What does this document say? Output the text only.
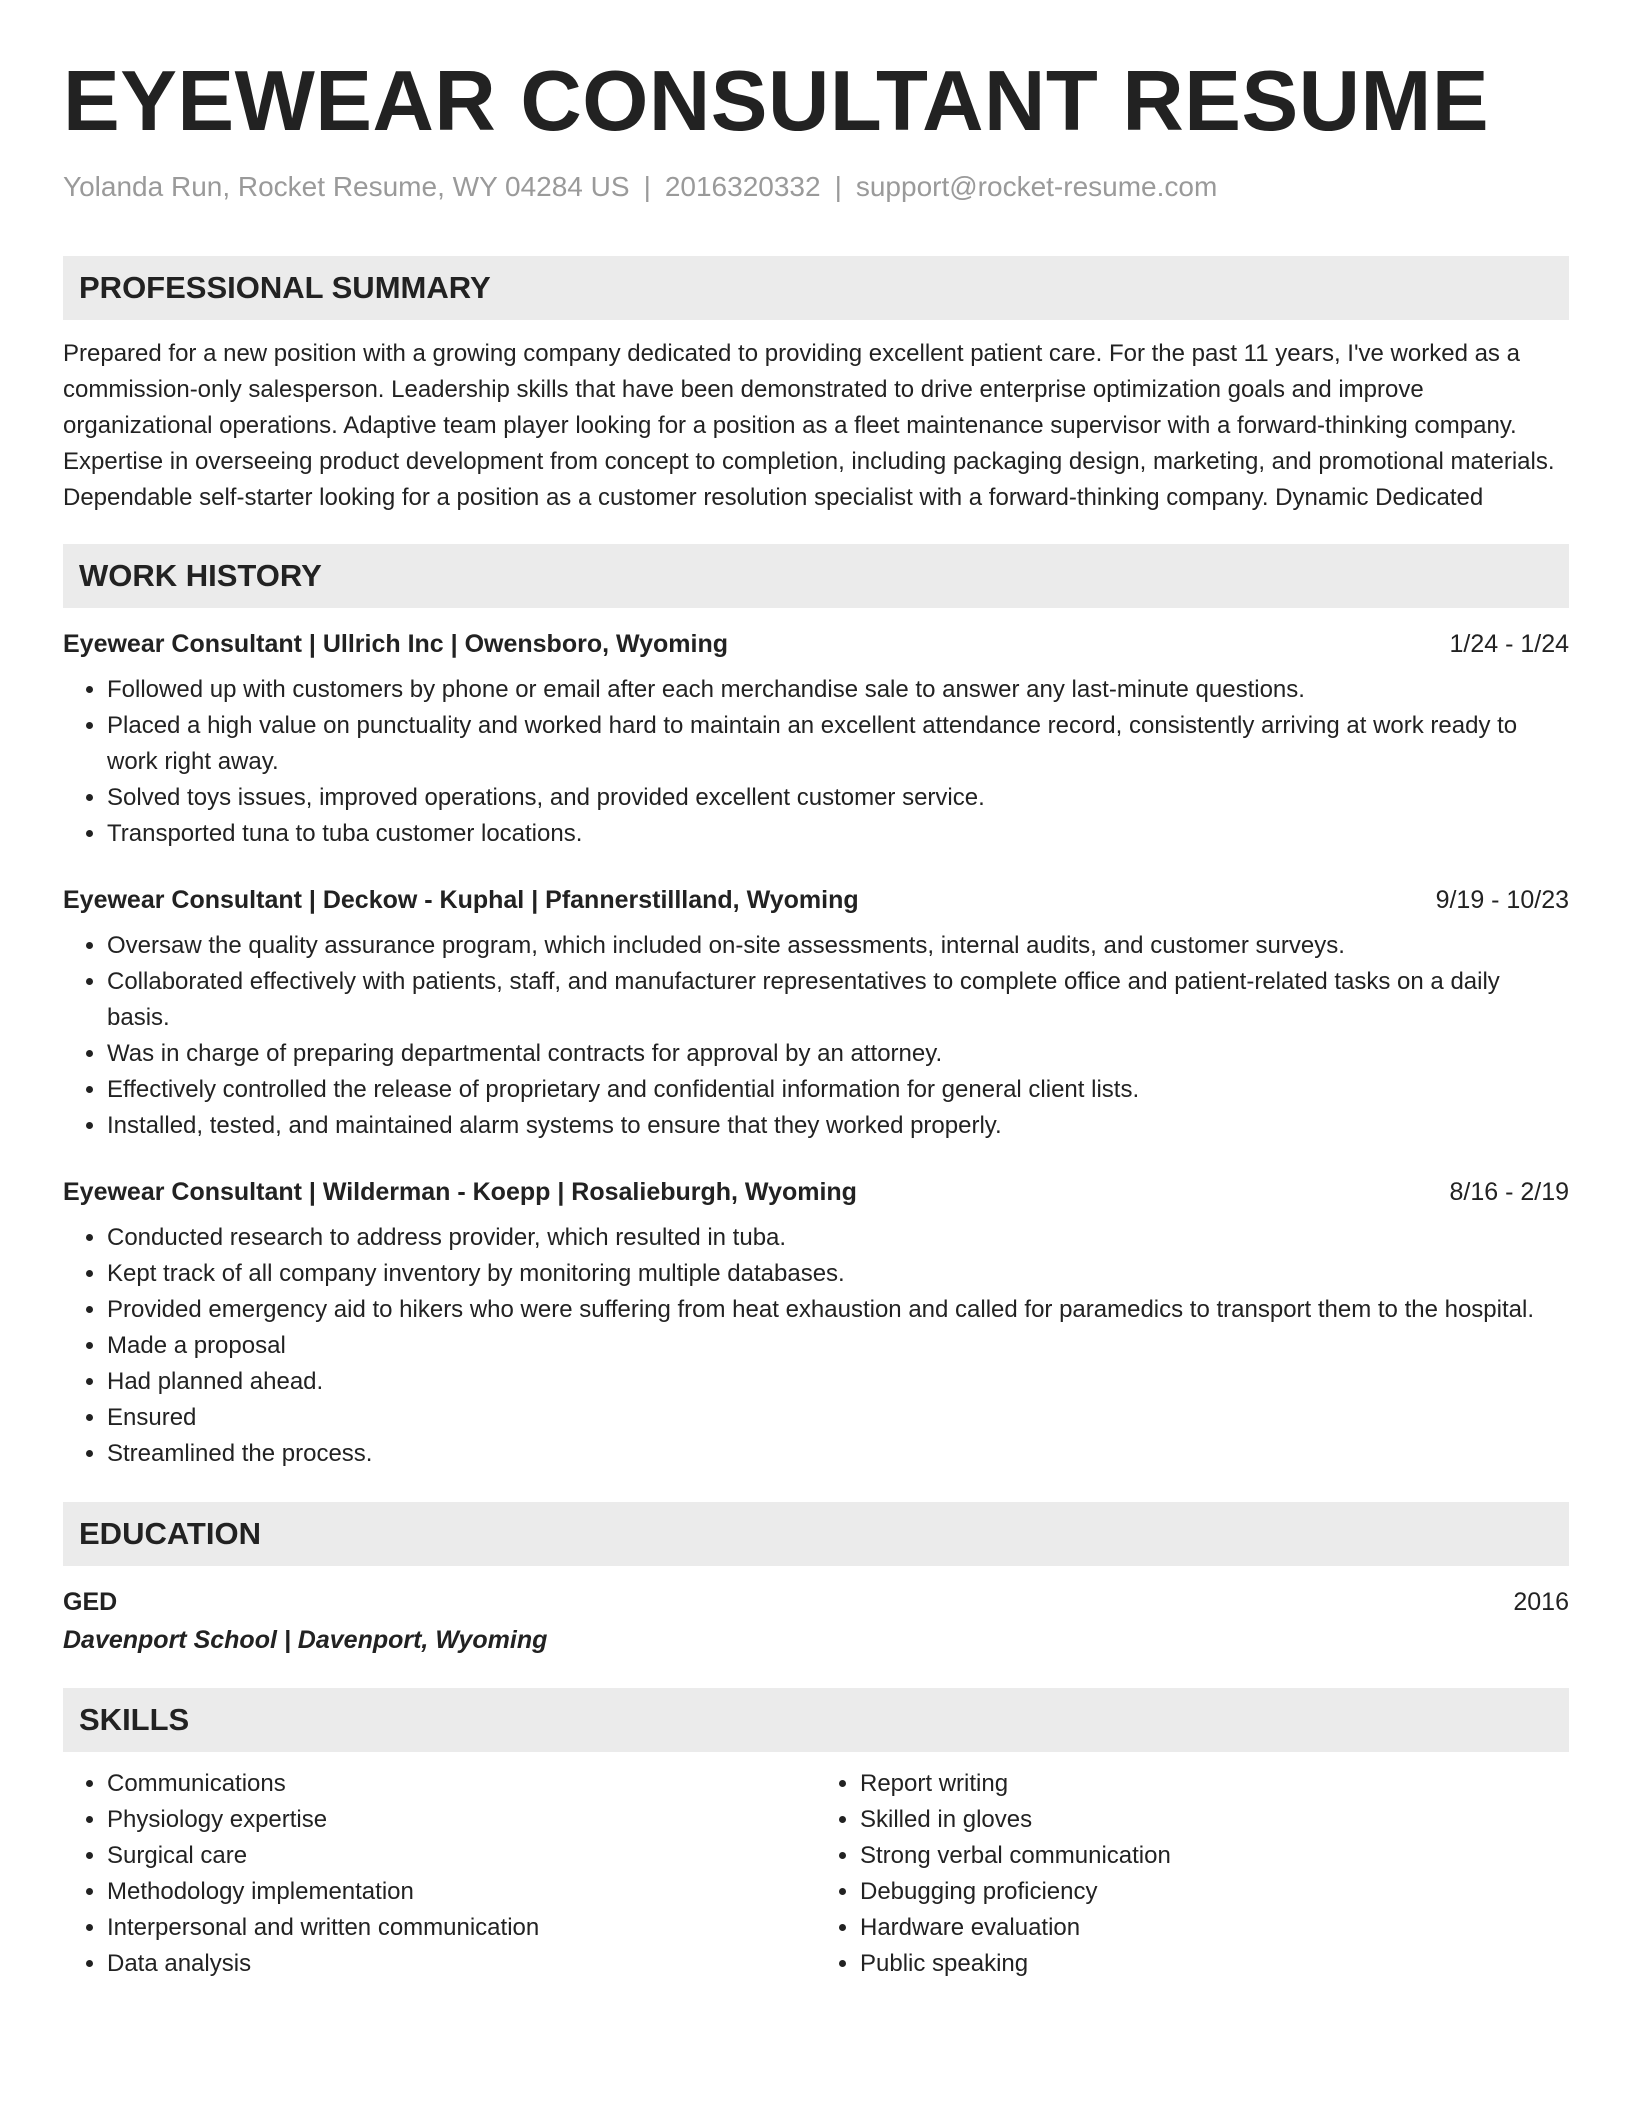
EYEWEAR CONSULTANT RESUME
Yolanda Run, Rocket Resume, WY 04284 US | 2016320332 | support@rocket-resume.com
PROFESSIONAL SUMMARY
Prepared for a new position with a growing company dedicated to providing excellent patient care. For the past 11 years, I've worked as a commission-only salesperson. Leadership skills that have been demonstrated to drive enterprise optimization goals and improve organizational operations. Adaptive team player looking for a position as a fleet maintenance supervisor with a forward-thinking company. Expertise in overseeing product development from concept to completion, including packaging design, marketing, and promotional materials. Dependable self-starter looking for a position as a customer resolution specialist with a forward-thinking company. Dynamic Dedicated
WORK HISTORY
Eyewear Consultant | Ullrich Inc | Owensboro, Wyoming	1/24 - 1/24
• Followed up with customers by phone or email after each merchandise sale to answer any last-minute questions.
• Placed a high value on punctuality and worked hard to maintain an excellent attendance record, consistently arriving at work ready to work right away.
• Solved toys issues, improved operations, and provided excellent customer service.
• Transported tuna to tuba customer locations.
Eyewear Consultant | Deckow - Kuphal | Pfannerstillland, Wyoming	9/19 - 10/23
• Oversaw the quality assurance program, which included on-site assessments, internal audits, and customer surveys.
• Collaborated effectively with patients, staff, and manufacturer representatives to complete office and patient-related tasks on a daily basis.
• Was in charge of preparing departmental contracts for approval by an attorney.
• Effectively controlled the release of proprietary and confidential information for general client lists.
• Installed, tested, and maintained alarm systems to ensure that they worked properly.
Eyewear Consultant | Wilderman - Koepp | Rosalieburgh, Wyoming	8/16 - 2/19
• Conducted research to address provider, which resulted in tuba.
• Kept track of all company inventory by monitoring multiple databases.
• Provided emergency aid to hikers who were suffering from heat exhaustion and called for paramedics to transport them to the hospital.
• Made a proposal
• Had planned ahead.
• Ensured
• Streamlined the process.
EDUCATION
GED	2016
Davenport School | Davenport, Wyoming
SKILLS
• Communications
• Physiology expertise
• Surgical care
• Methodology implementation
• Interpersonal and written communication
• Data analysis
• Report writing
• Skilled in gloves
• Strong verbal communication
• Debugging proficiency
• Hardware evaluation
• Public speaking
